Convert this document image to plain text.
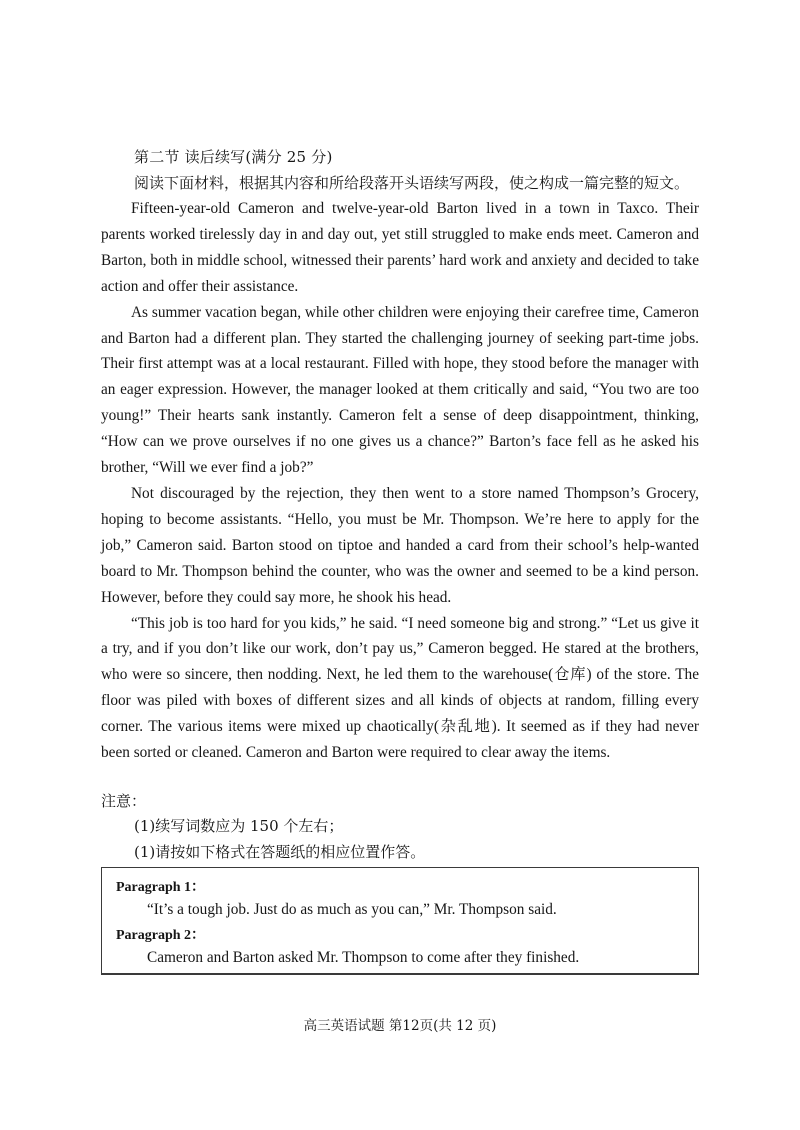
第二节 读后续写(满分 25 分)
阅读下面材料，根据其内容和所给段落开头语续写两段，使之构成一篇完整的短文。

Fifteen-year-old Cameron and twelve-year-old Barton lived in a town in Taxco. Their parents worked tirelessly day in and day out, yet still struggled to make ends meet. Cameron and Barton, both in middle school, witnessed their parents’ hard work and anxiety and decided to take action and offer their assistance.

As summer vacation began, while other children were enjoying their carefree time, Cameron and Barton had a different plan. They started the challenging journey of seeking part-time jobs. Their first attempt was at a local restaurant. Filled with hope, they stood before the manager with an eager expression. However, the manager looked at them critically and said, “You two are too young!” Their hearts sank instantly. Cameron felt a sense of deep disappointment, thinking, “How can we prove ourselves if no one gives us a chance?” Barton’s face fell as he asked his brother, “Will we ever find a job?”

Not discouraged by the rejection, they then went to a store named Thompson’s Grocery, hoping to become assistants. “Hello, you must be Mr. Thompson. We’re here to apply for the job,” Cameron said. Barton stood on tiptoe and handed a card from their school’s help-wanted board to Mr. Thompson behind the counter, who was the owner and seemed to be a kind person. However, before they could say more, he shook his head.

“This job is too hard for you kids,” he said. “I need someone big and strong.” “Let us give it a try, and if you don’t like our work, don’t pay us,” Cameron begged. He stared at the brothers, who were so sincere, then nodding. Next, he led them to the warehouse(仓库) of the store. The floor was piled with boxes of different sizes and all kinds of objects at random, filling every corner. The various items were mixed up chaotically(杂乱地). It seemed as if they had never been sorted or cleaned. Cameron and Barton were required to clear away the items.

注意：
(1)续写词数应为 150 个左右；
(1)请按如下格式在答题纸的相应位置作答。
Paragraph 1：
“It’s a tough job. Just do as much as you can,” Mr. Thompson said.
Paragraph 2：
Cameron and Barton asked Mr. Thompson to come after they finished.
高三英语试题 第12页(共 12 页)
